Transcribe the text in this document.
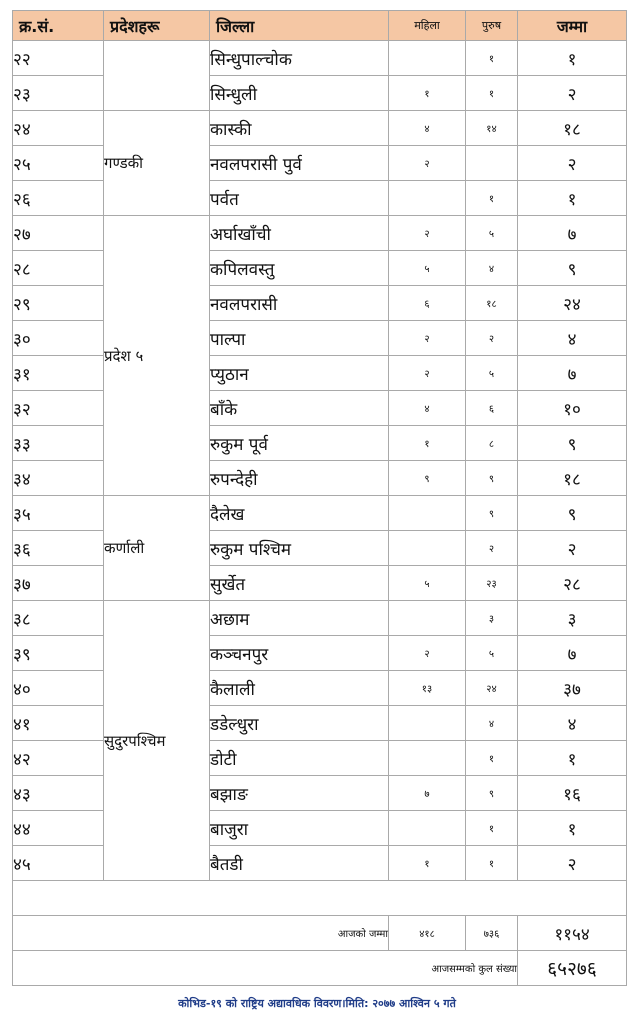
क्र.सं.	प्रदेशहरू	जिल्ला	महिला	पुरुष	जम्मा
२२		सिन्धुपाल्चोक		१	१
२३		सिन्धुली	१	१	२
२४	गण्डकी	कास्की	४	१४	१८
२५		नवलपरासी पुर्व	२		२
२६		पर्वत		१	१
२७	प्रदेश ५	अर्घाखाँची	२	५	७
२८		कपिलवस्तु	५	४	९
२९		नवलपरासी	६	१८	२४
३०		पाल्पा	२	२	४
३१		प्युठान	२	५	७
३२		बाँके	४	६	१०
३३		रुकुम पूर्व	१	८	९
३४		रुपन्देही	९	९	१८
३५	कर्णाली	दैलेख		९	९
३६		रुकुम पश्चिम		२	२
३७		सुर्खेत	५	२३	२८
३८	सुदुरपश्चिम	अछाम		३	३
३९		कञ्चनपुर	२	५	७
४०		कैलाली	१३	२४	३७
४१		डडेल्धुरा		४	४
४२		डोटी		१	१
४३		बझाङ	७	९	१६
४४		बाजुरा		१	१
४५		बैतडी	१	१	२

आजको जम्मा			४१८	७३६	११५४
आजसम्मको कुल संख्या					६५२७६
कोभिड-१९ को राष्ट्रिय अद्यावधिक विवरण।मिति: २०७७ आश्विन ५ गते
